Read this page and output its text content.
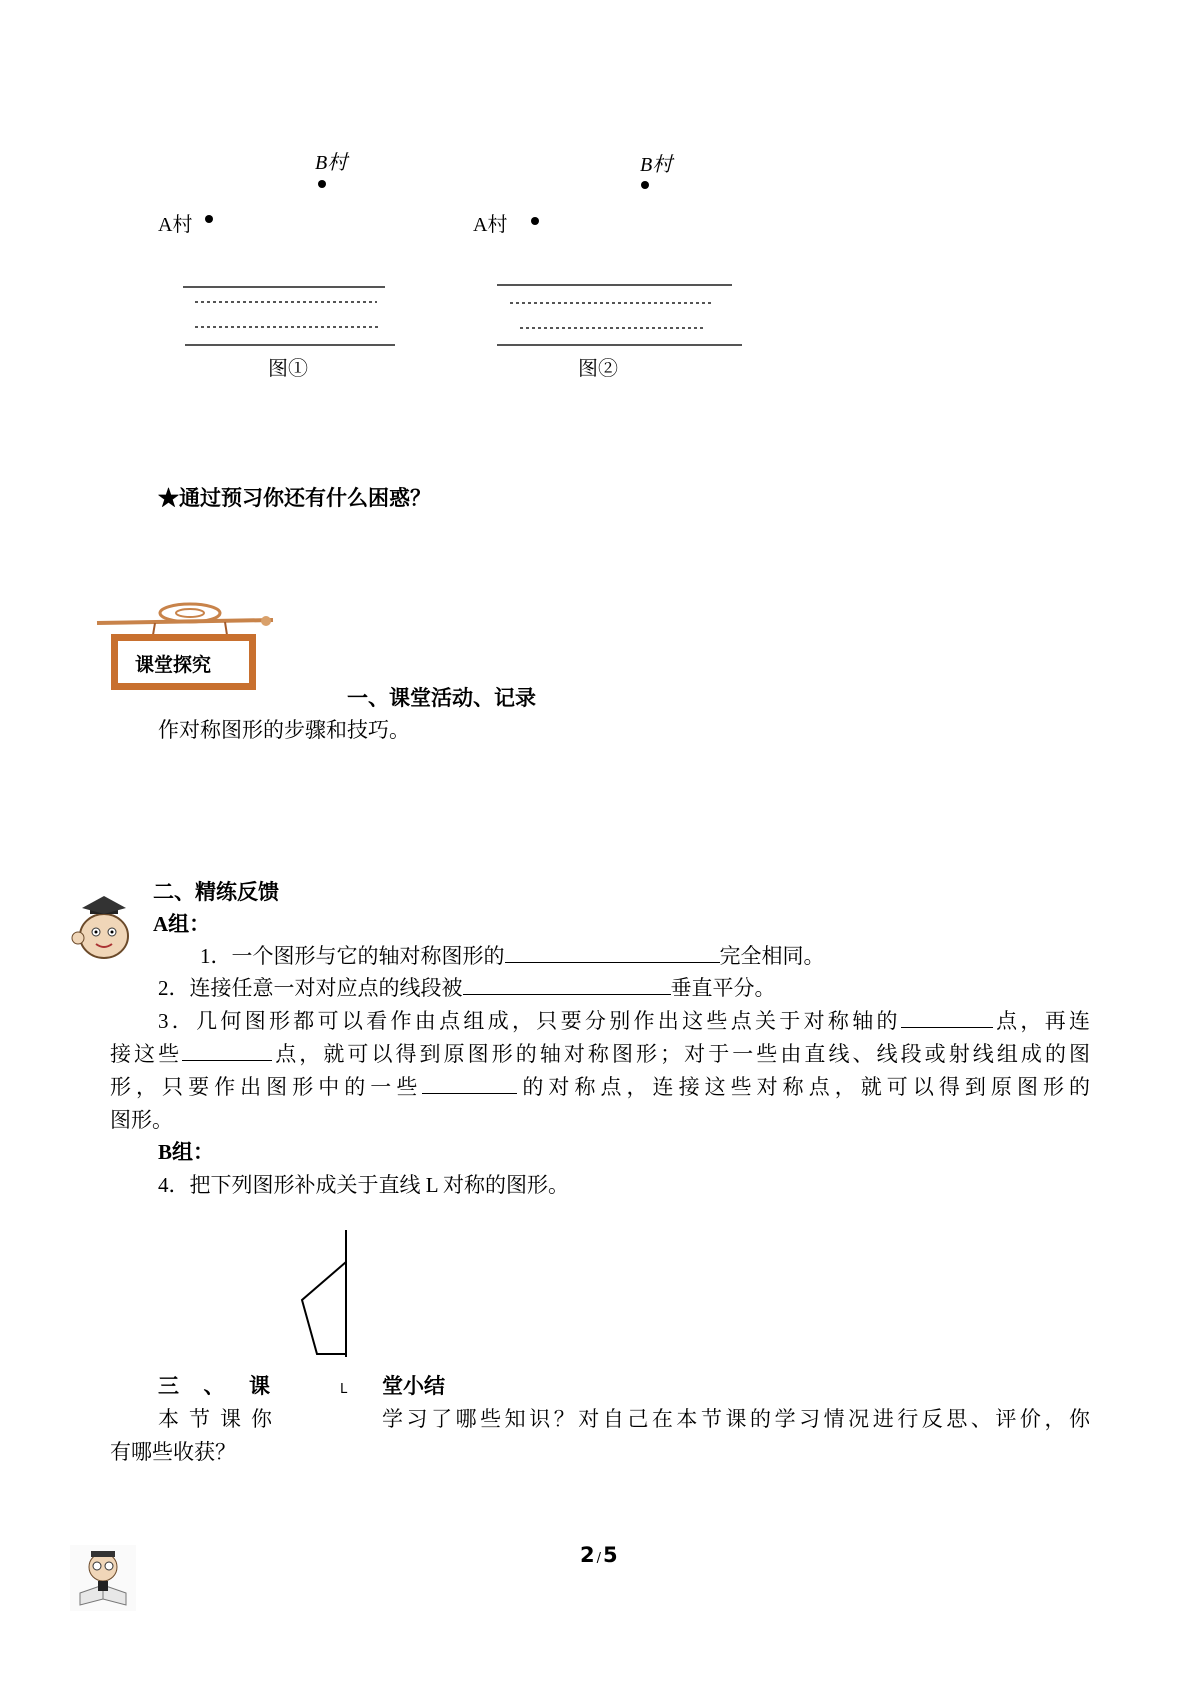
B村
A村
图①
B村
A村
图②
★通过预习你还有什么困惑？
课堂探究
一、课堂活动、记录
作对称图形的步骤和技巧。
二、精练反馈
A组：
1．一个图形与它的轴对称图形的	完全相同。
2．连接任意一对对应点的线段被	垂直平分。
3．几何图形都可以看作由点组成，只要分别作出这些点关于对称轴的	点，再连
接这些	点，就可以得到原图形的轴对称图形；对于一些由直线、线段或射线组成的图
形，只要作出图形中的一些	的对称点，连接这些对称点，就可以得到原图形的
图形。
B组：
4．把下列图形补成关于直线 L 对称的图形。
L
三、课	堂小结
本节课你	学习了哪些知识？对自己在本节课的学习情况进行反思、评价，你
有哪些收获？
2 /5
